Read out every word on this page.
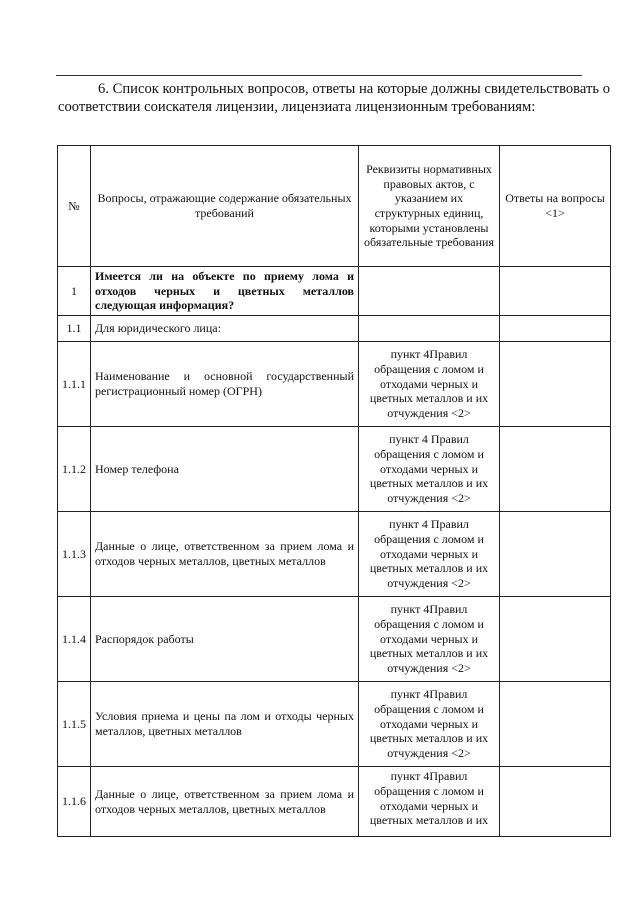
6. Список контрольных вопросов, ответы на которые должны свидетельствовать о соответствии соискателя лицензии, лицензиата лицензионным требованиям:

№	Вопросы, отражающие содержание обязательных требований	Реквизиты нормативных правовых актов, с указанием их структурных единиц, которыми установлены обязательные требования	Ответы на вопросы <1>
1	Имеется ли на объекте по приему лома и отходов черных и цветных металлов следующая информация?		
1.1	Для юридического лица:		
1.1.1	Наименование и основной государственный регистрационный номер (ОГРН)	пункт 4Правил обращения с ломом и отходами черных и цветных металлов и их отчуждения <2>	
1.1.2	Номер телефона	пункт 4 Правил обращения с ломом и отходами черных и цветных металлов и их отчуждения <2>	
1.1.3	Данные о лице, ответственном за прием лома и отходов черных металлов, цветных металлов	пункт 4 Правил обращения с ломом и отходами черных и цветных металлов и их отчуждения <2>	
1.1.4	Распорядок работы	пункт 4Правил обращения с ломом и отходами черных и цветных металлов и их отчуждения <2>	
1.1.5	Условия приема и цены па лом и отходы черных металлов, цветных металлов	пункт 4Правил обращения с ломом и отходами черных и цветных металлов и их отчуждения <2>	
1.1.6	Данные о лице, ответственном за прием лома и отходов черных металлов, цветных металлов	пункт 4Правил обращения с ломом и отходами черных и цветных металлов и их	
